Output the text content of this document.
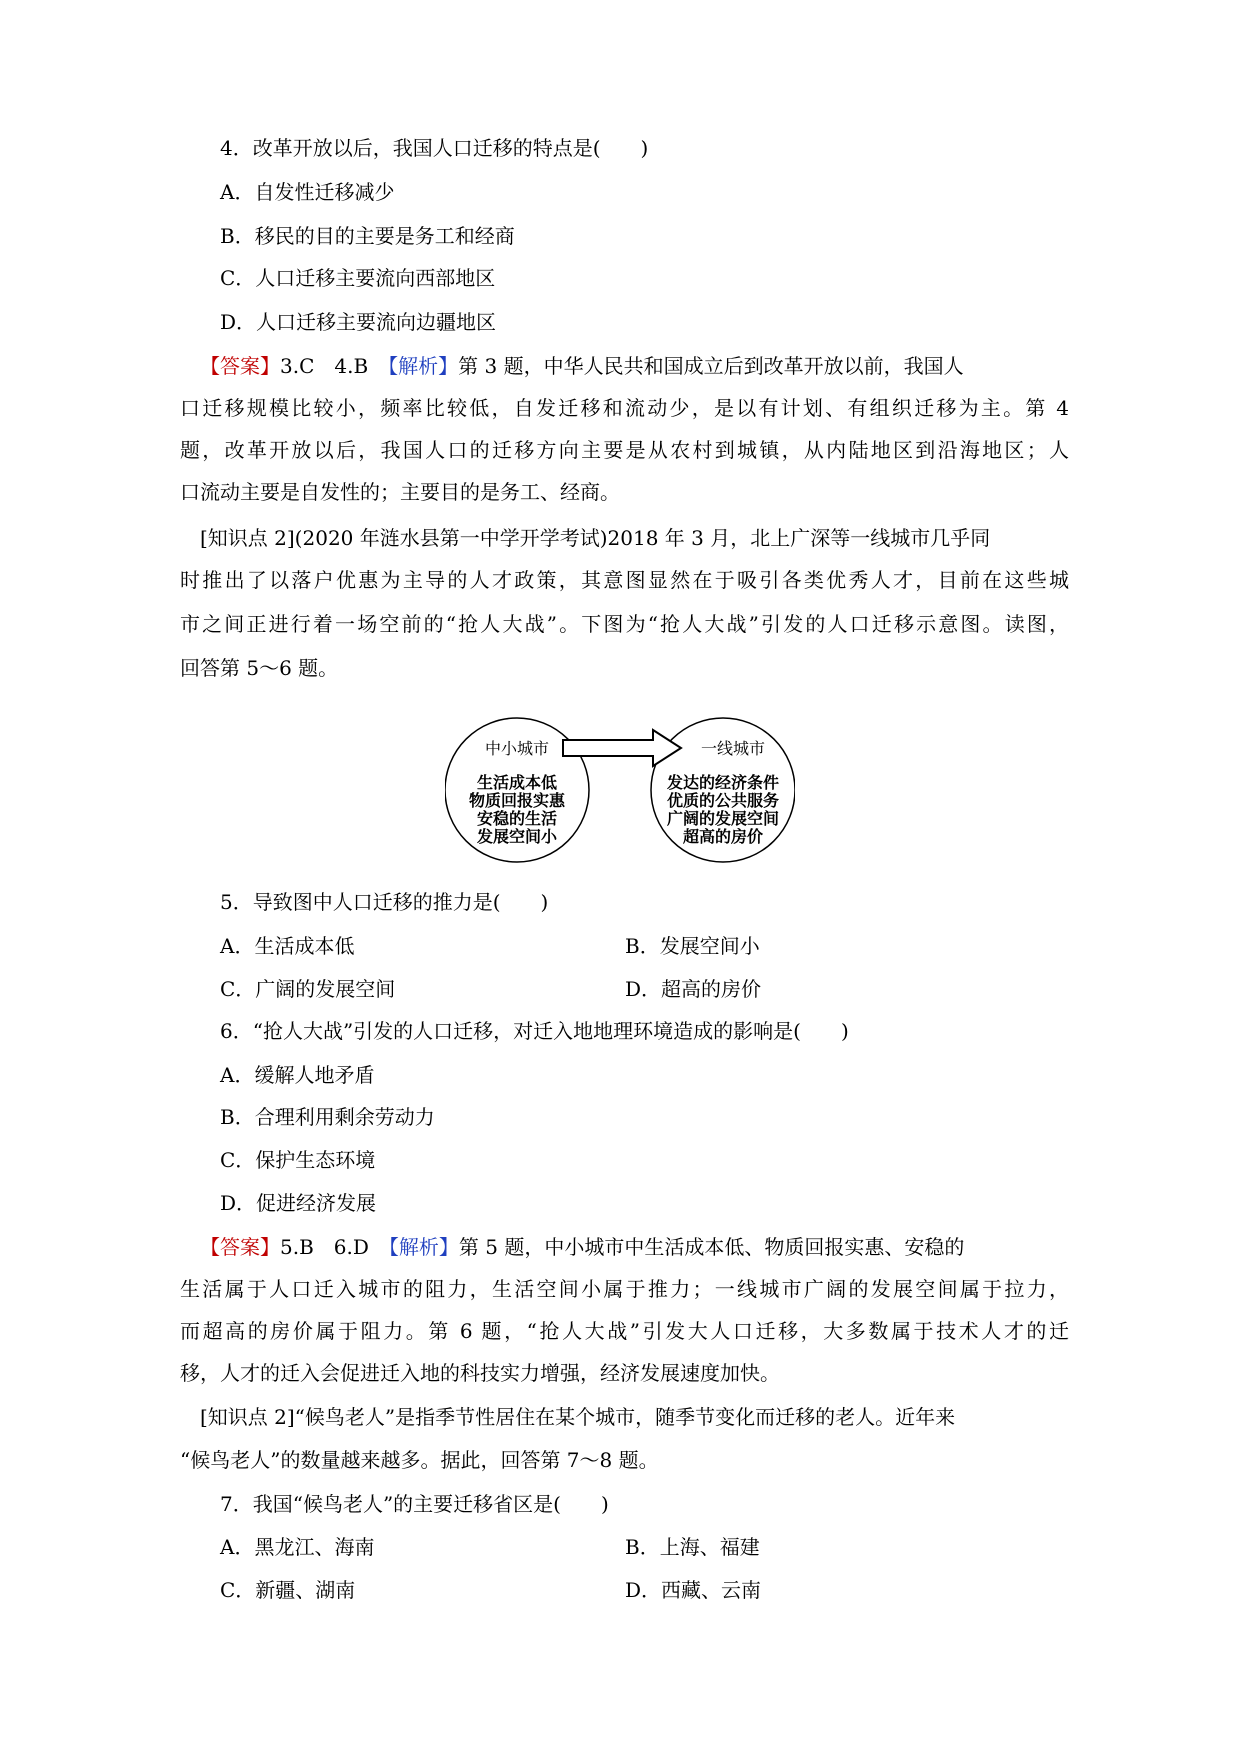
4．改革开放以后，我国人口迁移的特点是(　　)
A．自发性迁移减少
B．移民的目的主要是务工和经商
C．人口迁移主要流向西部地区
D．人口迁移主要流向边疆地区
【答案】3.C　4.B　【解析】第 3 题，中华人民共和国成立后到改革开放以前，我国人
口迁移规模比较小，频率比较低，自发迁移和流动少，是以有计划、有组织迁移为主。第 4
题，改革开放以后，我国人口的迁移方向主要是从农村到城镇，从内陆地区到沿海地区；人
口流动主要是自发性的；主要目的是务工、经商。
[知识点 2](2020 年涟水县第一中学开学考试)2018 年 3 月，北上广深等一线城市几乎同
时推出了以落户优惠为主导的人才政策，其意图显然在于吸引各类优秀人才，目前在这些城
市之间正进行着一场空前的“抢人大战”。下图为“抢人大战”引发的人口迁移示意图。读图，
回答第 5～6 题。
中小城市
生活成本低
物质回报实惠
安稳的生活
发展空间小
一线城市
发达的经济条件
优质的公共服务
广阔的发展空间
超高的房价
5．导致图中人口迁移的推力是(　　)
A．生活成本低	B．发展空间小
C．广阔的发展空间	D．超高的房价
6．“抢人大战”引发的人口迁移，对迁入地地理环境造成的影响是(　　)
A．缓解人地矛盾
B．合理利用剩余劳动力
C．保护生态环境
D．促进经济发展
【答案】5.B　6.D　【解析】第 5 题，中小城市中生活成本低、物质回报实惠、安稳的
生活属于人口迁入城市的阻力，生活空间小属于推力；一线城市广阔的发展空间属于拉力，
而超高的房价属于阻力。第 6 题，“抢人大战”引发大人口迁移，大多数属于技术人才的迁
移，人才的迁入会促进迁入地的科技实力增强，经济发展速度加快。
[知识点 2]“候鸟老人”是指季节性居住在某个城市，随季节变化而迁移的老人。近年来
“候鸟老人”的数量越来越多。据此，回答第 7～8 题。
7．我国“候鸟老人”的主要迁移省区是(　　)
A．黑龙江、海南	B．上海、福建
C．新疆、湖南	D．西藏、云南
